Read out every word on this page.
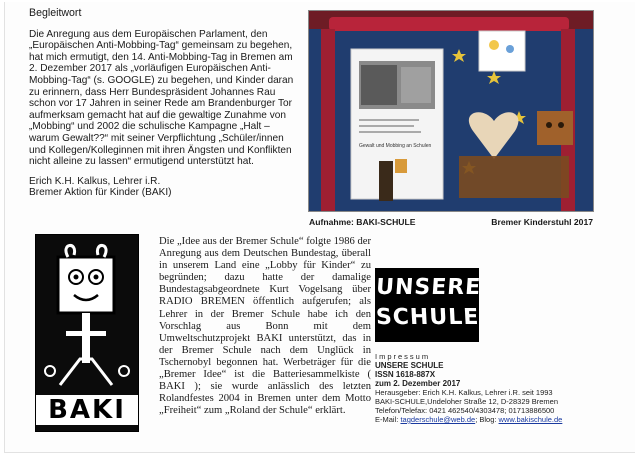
Begleitwort

Die Anregung aus dem Europäischen Parlament, den „Europäischen Anti-Mobbing-Tag“ gemeinsam zu begehen, hat mich ermutigt, den 14. Anti-Mobbing-Tag in Bremen am 2. Dezember 2017 als „vorläufigen Europäischen Anti-Mobbing-Tag“ (s. GOOGLE) zu begehen, und Kinder daran zu erinnern, dass Herr Bundespräsident Johannes Rau schon vor 17 Jahren in seiner Rede am Brandenburger Tor aufmerksam gemacht hat auf die gewaltige Zunahme von „Mobbing“ und 2002 die schulische Kampagne „Halt – warum Gewalt??“ mit seiner Verpflichtung „Schüler/innen und Kollegen/Kolleginnen mit ihren Ängsten und Konflikten nicht alleine zu lassen“ ermutigend unterstützt hat.

Erich K.H. Kalkus, Lehrer i.R.
Bremer Aktion für Kinder (BAKI)
Gewalt und Mobbing an Schulen
Aufnahme: BAKI-SCHULE	Bremer Kinderstuhl 2017
BAKI
Die „Idee aus der Bremer Schule“ folgte 1986 der Anregung aus dem Deutschen Bundestag, überall in unserem Land eine „Lobby für Kinder“ zu begründen; dazu hatte der damalige Bundestagsabgeordnete Kurt Vogelsang über RADIO BREMEN öffentlich aufgerufen; als Lehrer in der Bremer Schule habe ich den Vorschlag aus Bonn mit dem Umweltschutzprojekt BAKI unterstützt, das in der Bremer Schule nach dem Unglück in Tschernobyl begonnen hat. Werbeträger für die „Bremer Idee“ ist die Batteriesammelkiste ( BAKI ); sie wurde anlässlich des letzten Rolandfestes 2004 in Bremen unter dem Motto „Freiheit“ zum „Roland der Schule“ erklärt.
UNSERE
SCHULE
Impressum
UNSERE SCHULE
ISSN 1618-887X
zum 2. Dezember 2017
Herausgeber: Erich K.H. Kalkus, Lehrer i.R. seit 1993
BAKI-SCHULE,Undeloher Straße 12, D-28329 Bremen
Telefon/Telefax: 0421 462540/4303478; 01713886500
E-Mail: tagderschule@web.de; Blog: www.bakischule.de
